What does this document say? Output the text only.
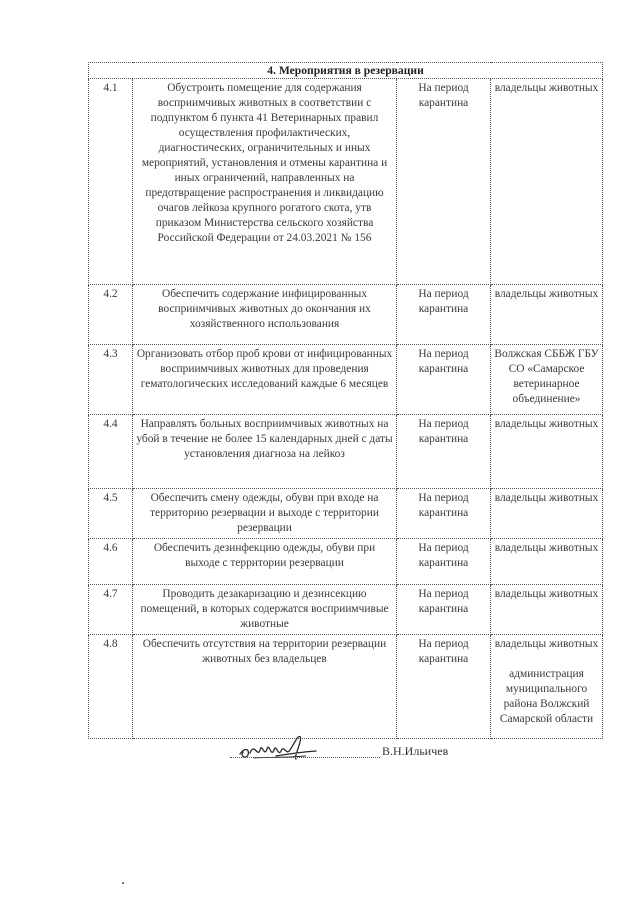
4. Мероприятия в резервации			
4.1	Обустроить помещение для содержания восприимчивых животных в соответствии с подпунктом б пункта 41 Ветеринарных правил осуществления профилактических, диагностических, ограничительных и иных мероприятий, установления и отмены карантина и иных ограничений, направленных на предотвращение распространения и ликвидацию очагов лейкоза крупного рогатого скота, утв приказом Министерства сельского хозяйства Российской Федерации от 24.03.2021 № 156	На период карантина	владельцы животных
4.2	Обеспечить содержание инфицированных восприимчивых животных до окончания их хозяйственного использования	На период карантина	владельцы животных
4.3	Организовать отбор проб крови от инфицированных восприимчивых животных для проведения гематологических исследований каждые 6 месяцев	На период карантина	Волжская СББЖ ГБУ СО «Самарское ветеринарное объединение»
4.4	Направлять больных восприимчивых животных на убой в течение не более 15 календарных дней с даты установления диагноза на лейкоз	На период карантина	владельцы животных
4.5	Обеспечить смену одежды, обуви при входе на территорию резервации и выходе с территории резервации	На период карантина	владельцы животных
4.6	Обеспечить дезинфекцию одежды, обуви при выходе с территории резервации	На период карантина	владельцы животных
4.7	Проводить дезакаризацию и дезинсекцию помещений, в которых содержатся восприимчивые животные	На период карантина	владельцы животных
4.8	Обеспечить отсутствия на территории резервации животных без владельцев	На период карантина	владельцы животных
администрация муниципального района Волжский Самарской области
В.Н.Ильичев
